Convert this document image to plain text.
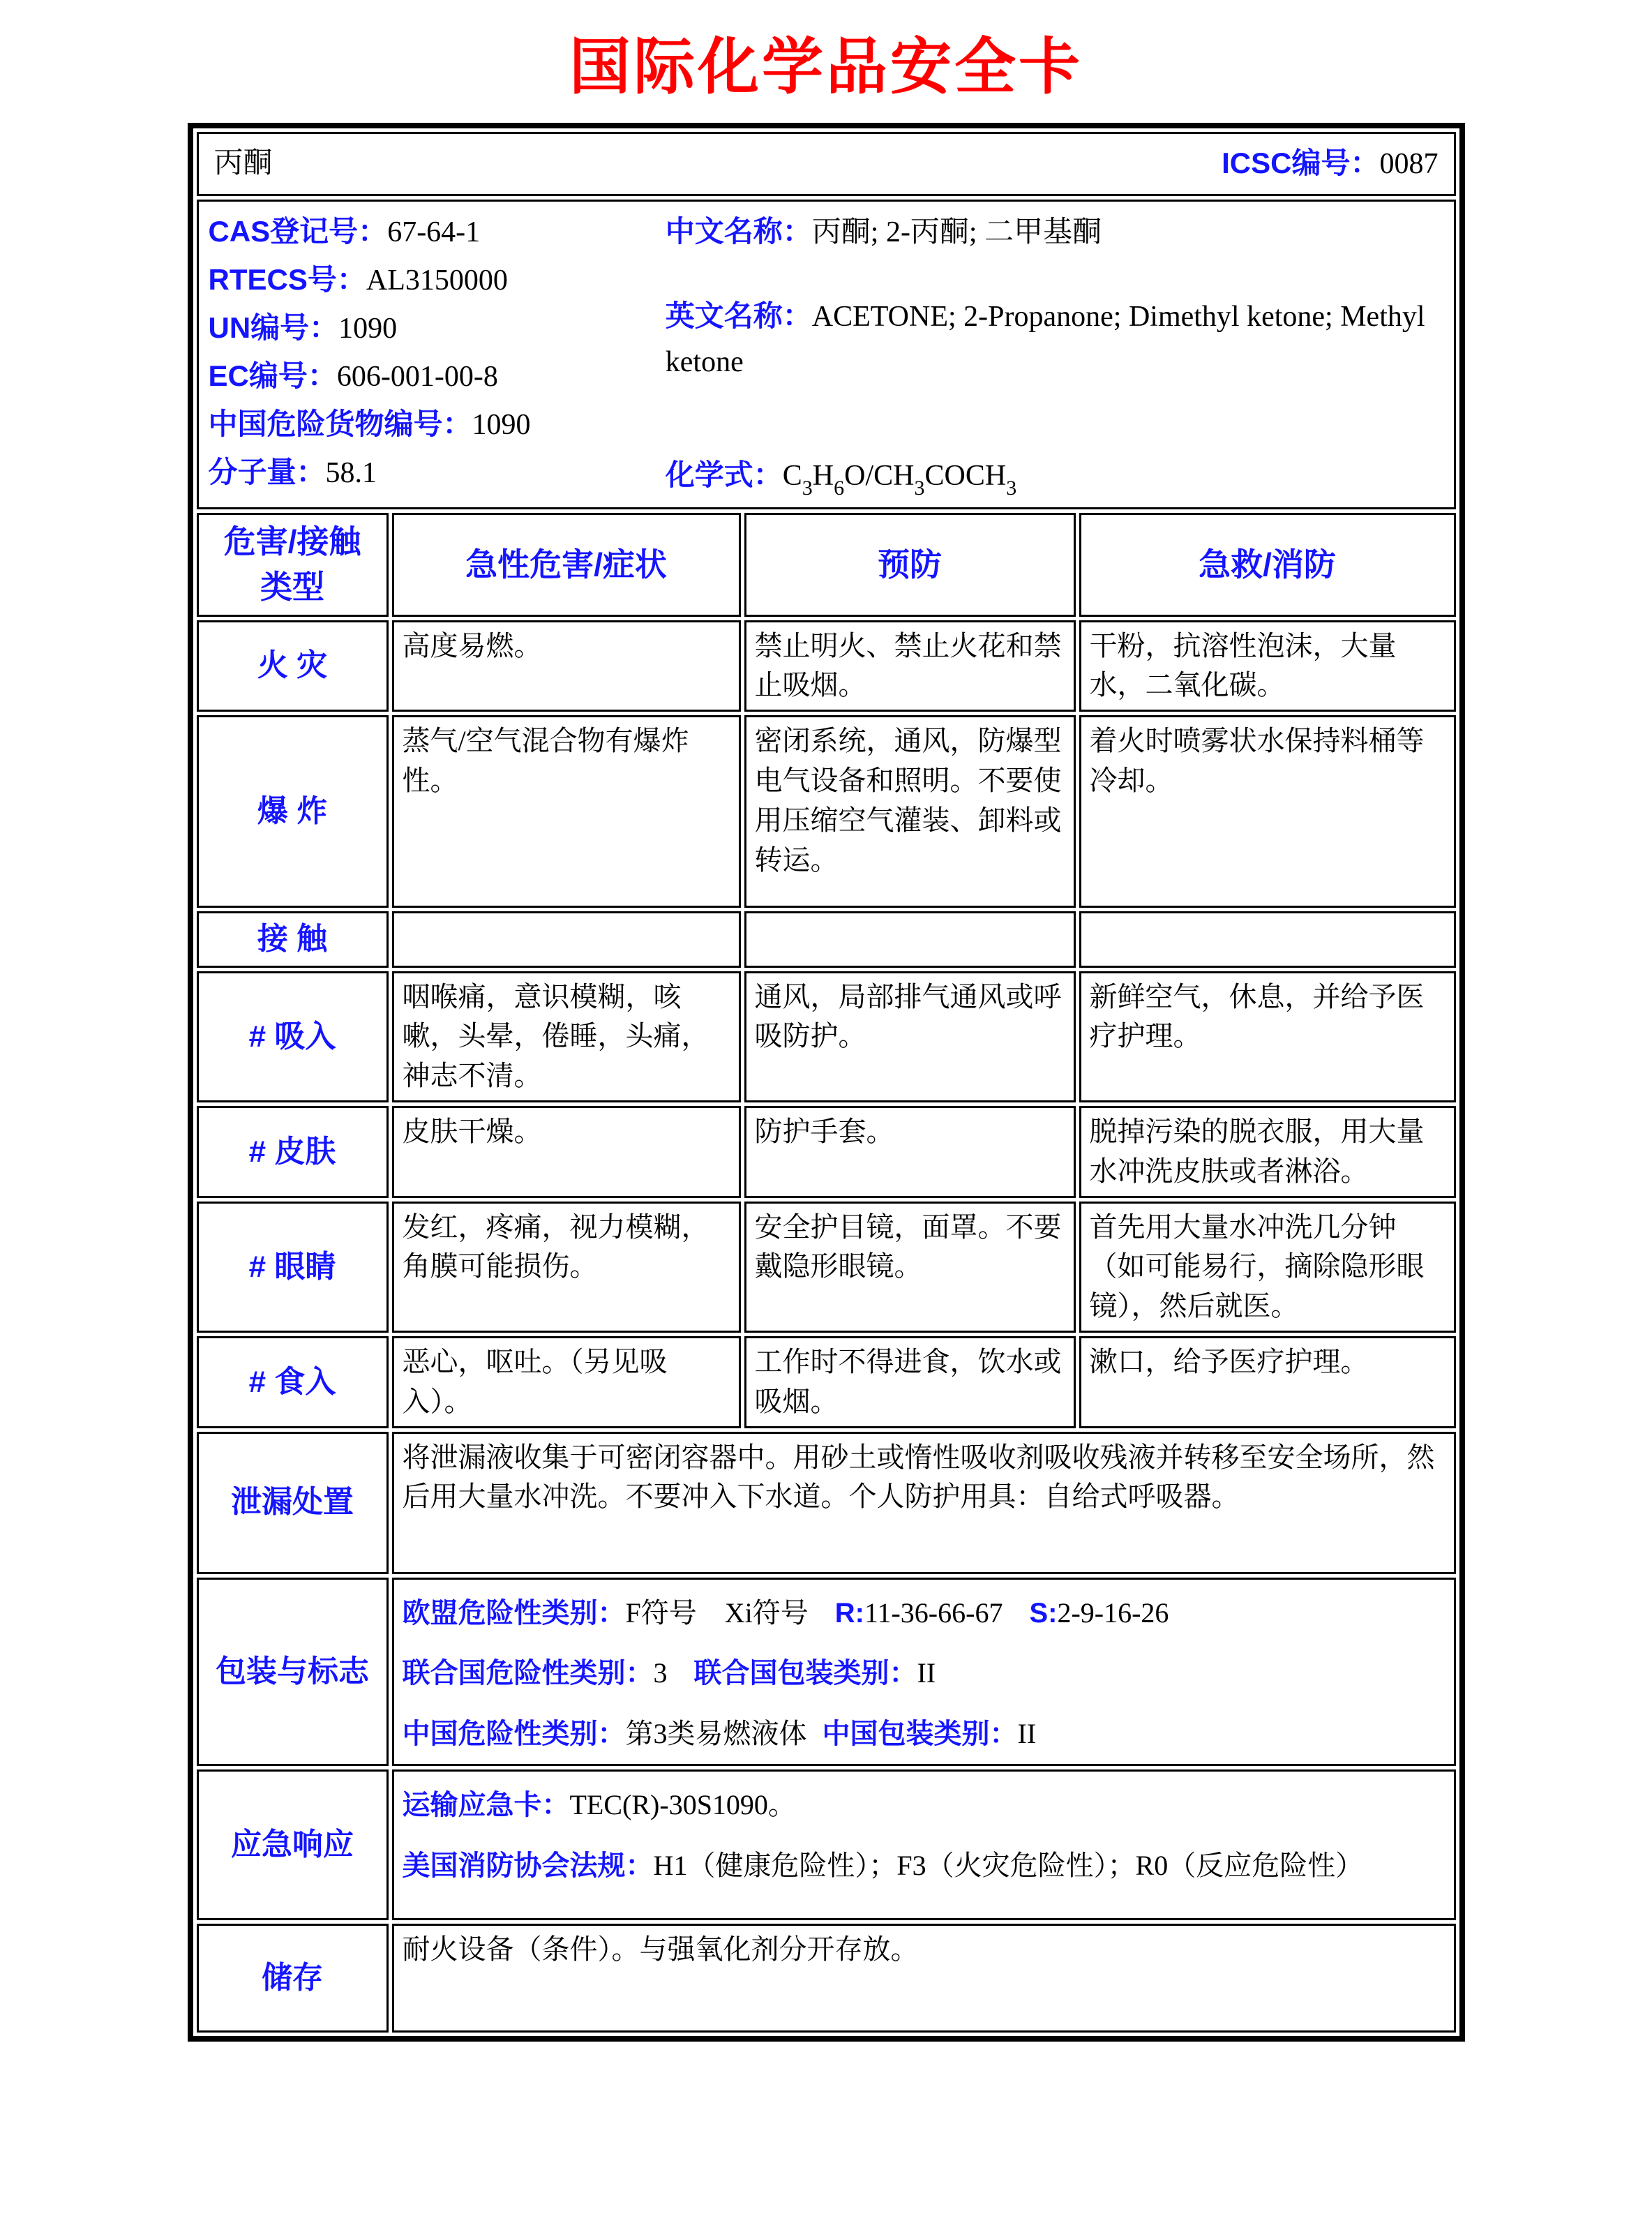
国际化学品安全卡
丙酮 ICSC编号：0087			

CAS登记号：67-64-1
RTECS号：AL3150000
UN编号：1090
EC编号：606-001-00-8
中国危险货物编号：1090
分子量：58.1
中文名称：丙酮; 2-丙酮; 二甲基酮
英文名称：ACETONE; 2-Propanone; Dimethyl ketone; Methyl ketone
化学式：$C_3H_6O/CH_3COCH_3$

危害/接触 类型	急性危害/症状	预防	急救/消防
火 灾	高度易燃。	禁止明火、禁止火花和禁止吸烟。	干粉，抗溶性泡沫，大量水，二氧化碳。
爆 炸	蒸气/空气混合物有爆炸性。	密闭系统，通风，防爆型电气设备和照明。不要使用压缩空气灌装、卸料或转运。	着火时喷雾状水保持料桶等冷却。
接 触			
# 吸入	咽喉痛，意识模糊，咳嗽，头晕，倦睡，头痛，神志不清。	通风，局部排气通风或呼吸防护。	新鲜空气，休息，并给予医疗护理。
# 皮肤	皮肤干燥。	防护手套。	脱掉污染的脱衣服，用大量水冲洗皮肤或者淋浴。
# 眼睛	发红，疼痛，视力模糊，角膜可能损伤。	安全护目镜，面罩。不要戴隐形眼镜。	首先用大量水冲洗几分钟（如可能易行，摘除隐形眼镜），然后就医。
# 食入	恶心，呕吐。（另见吸入）。	工作时不得进食，饮水或吸烟。	漱口，给予医疗护理。
泄漏处置	将泄漏液收集于可密闭容器中。用砂土或惰性吸收剂吸收残液并转移至安全场所，然后用大量水冲洗。不要冲入下水道。个人防护用具：自给式呼吸器。		
包装与标志	欧盟危险性类别：F符号　Xi符号 R:11-36-66-67 S:2-9-16-26
联合国危险性类别：3 联合国包装类别：II
中国危险性类别：第3类易燃液体 中国包装类别：II		

应急响应	运输应急卡：TEC(R)-30S1090。
美国消防协会法规：H1（健康危险性）；F3（火灾危险性）；R0（反应危险性）		

储存	耐火设备（条件）。与强氧化剂分开存放。		
